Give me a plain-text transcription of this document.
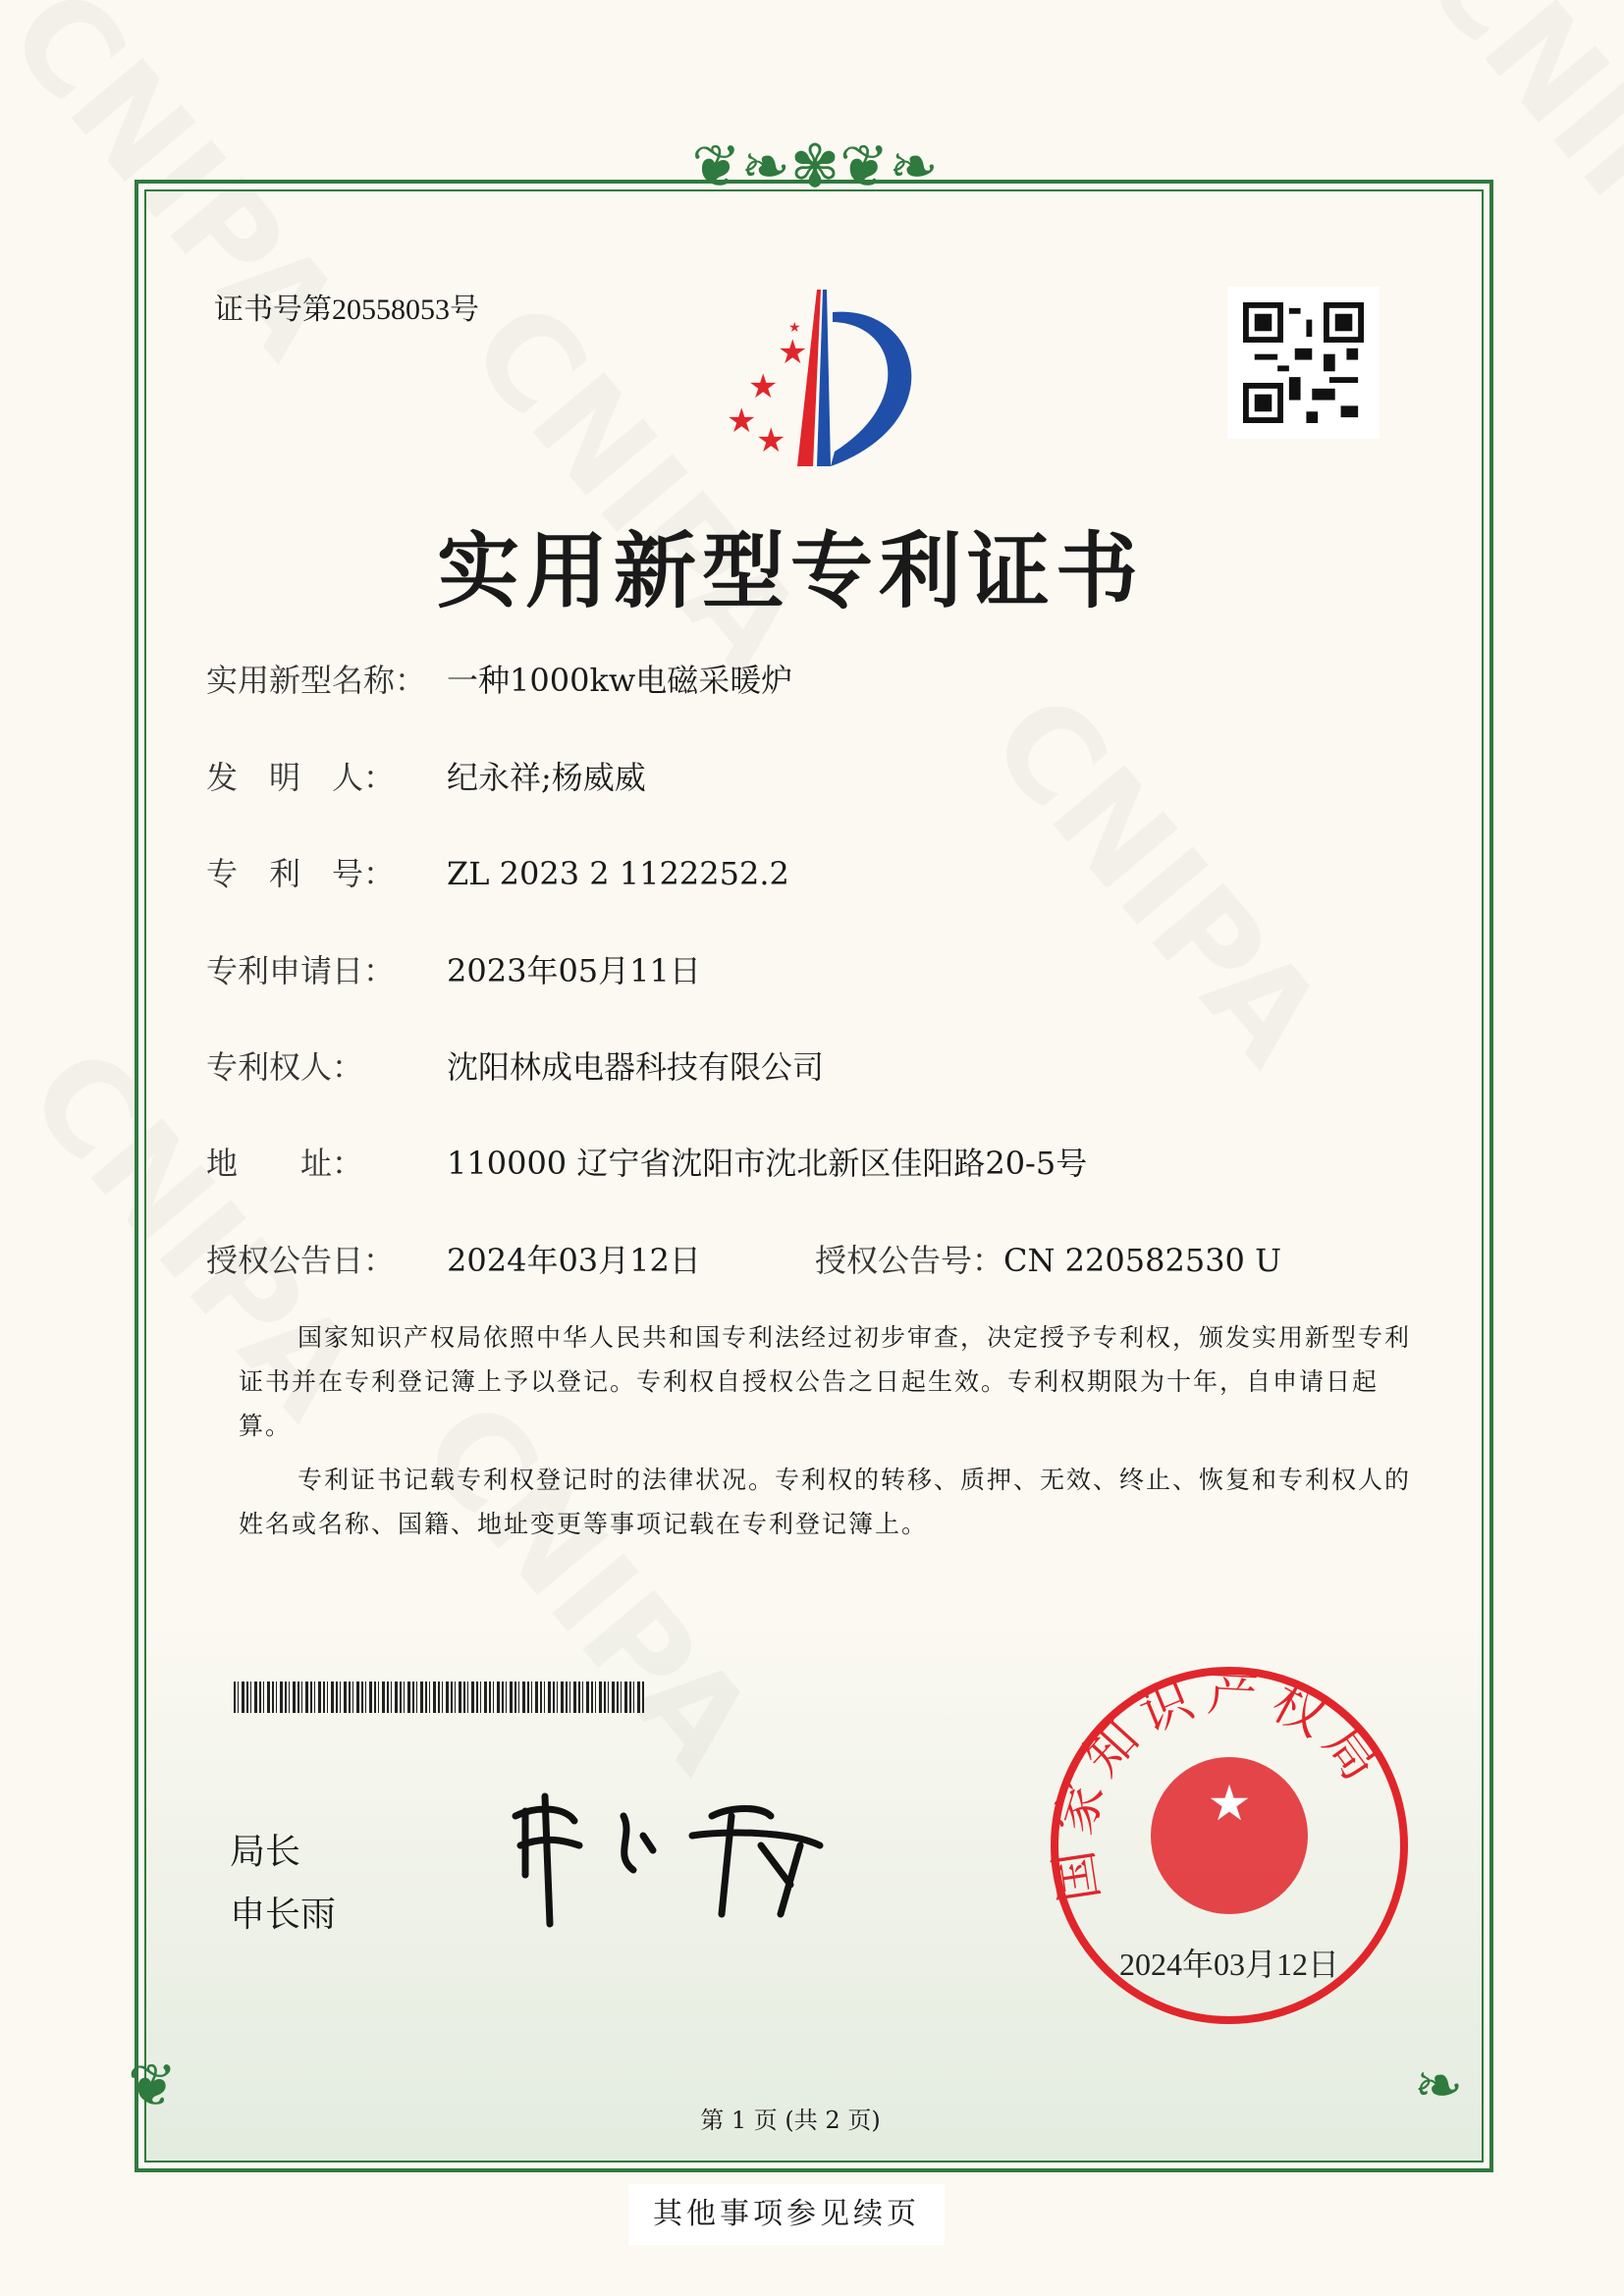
❦❧✾❦❧
❦	❧
证书号第20558053号
★
★
★ ★
★
实用新型专利证书
实用新型名称： 一种1000kw电磁采暖炉
发　明　人： 纪永祥;杨威威
专　利　号： ZL 2023 2 1122252.2
专利申请日： 2023年05月11日
专利权人：	沈阳林成电器科技有限公司
地　　址：	110000 辽宁省沈阳市沈北新区佳阳路20-5号
授权公告日： 2024年03月12日	授权公告号：CN 220582530 U
国家知识产权局依照中华人民共和国专利法经过初步审查，决定授予专利权，颁发实用新型专利证书并在专利登记簿上予以登记。专利权自授权公告之日起生效。专利权期限为十年，自申请日起算。
专利证书记载专利权登记时的法律状况。专利权的转移、质押、无效、终止、恢复和专利权人的姓名或名称、国籍、地址变更等事项记载在专利登记簿上。
局长
申长雨
★
国家知识产权局
2024年03月12日
第 1 页 (共 2 页)
其他事项参见续页
